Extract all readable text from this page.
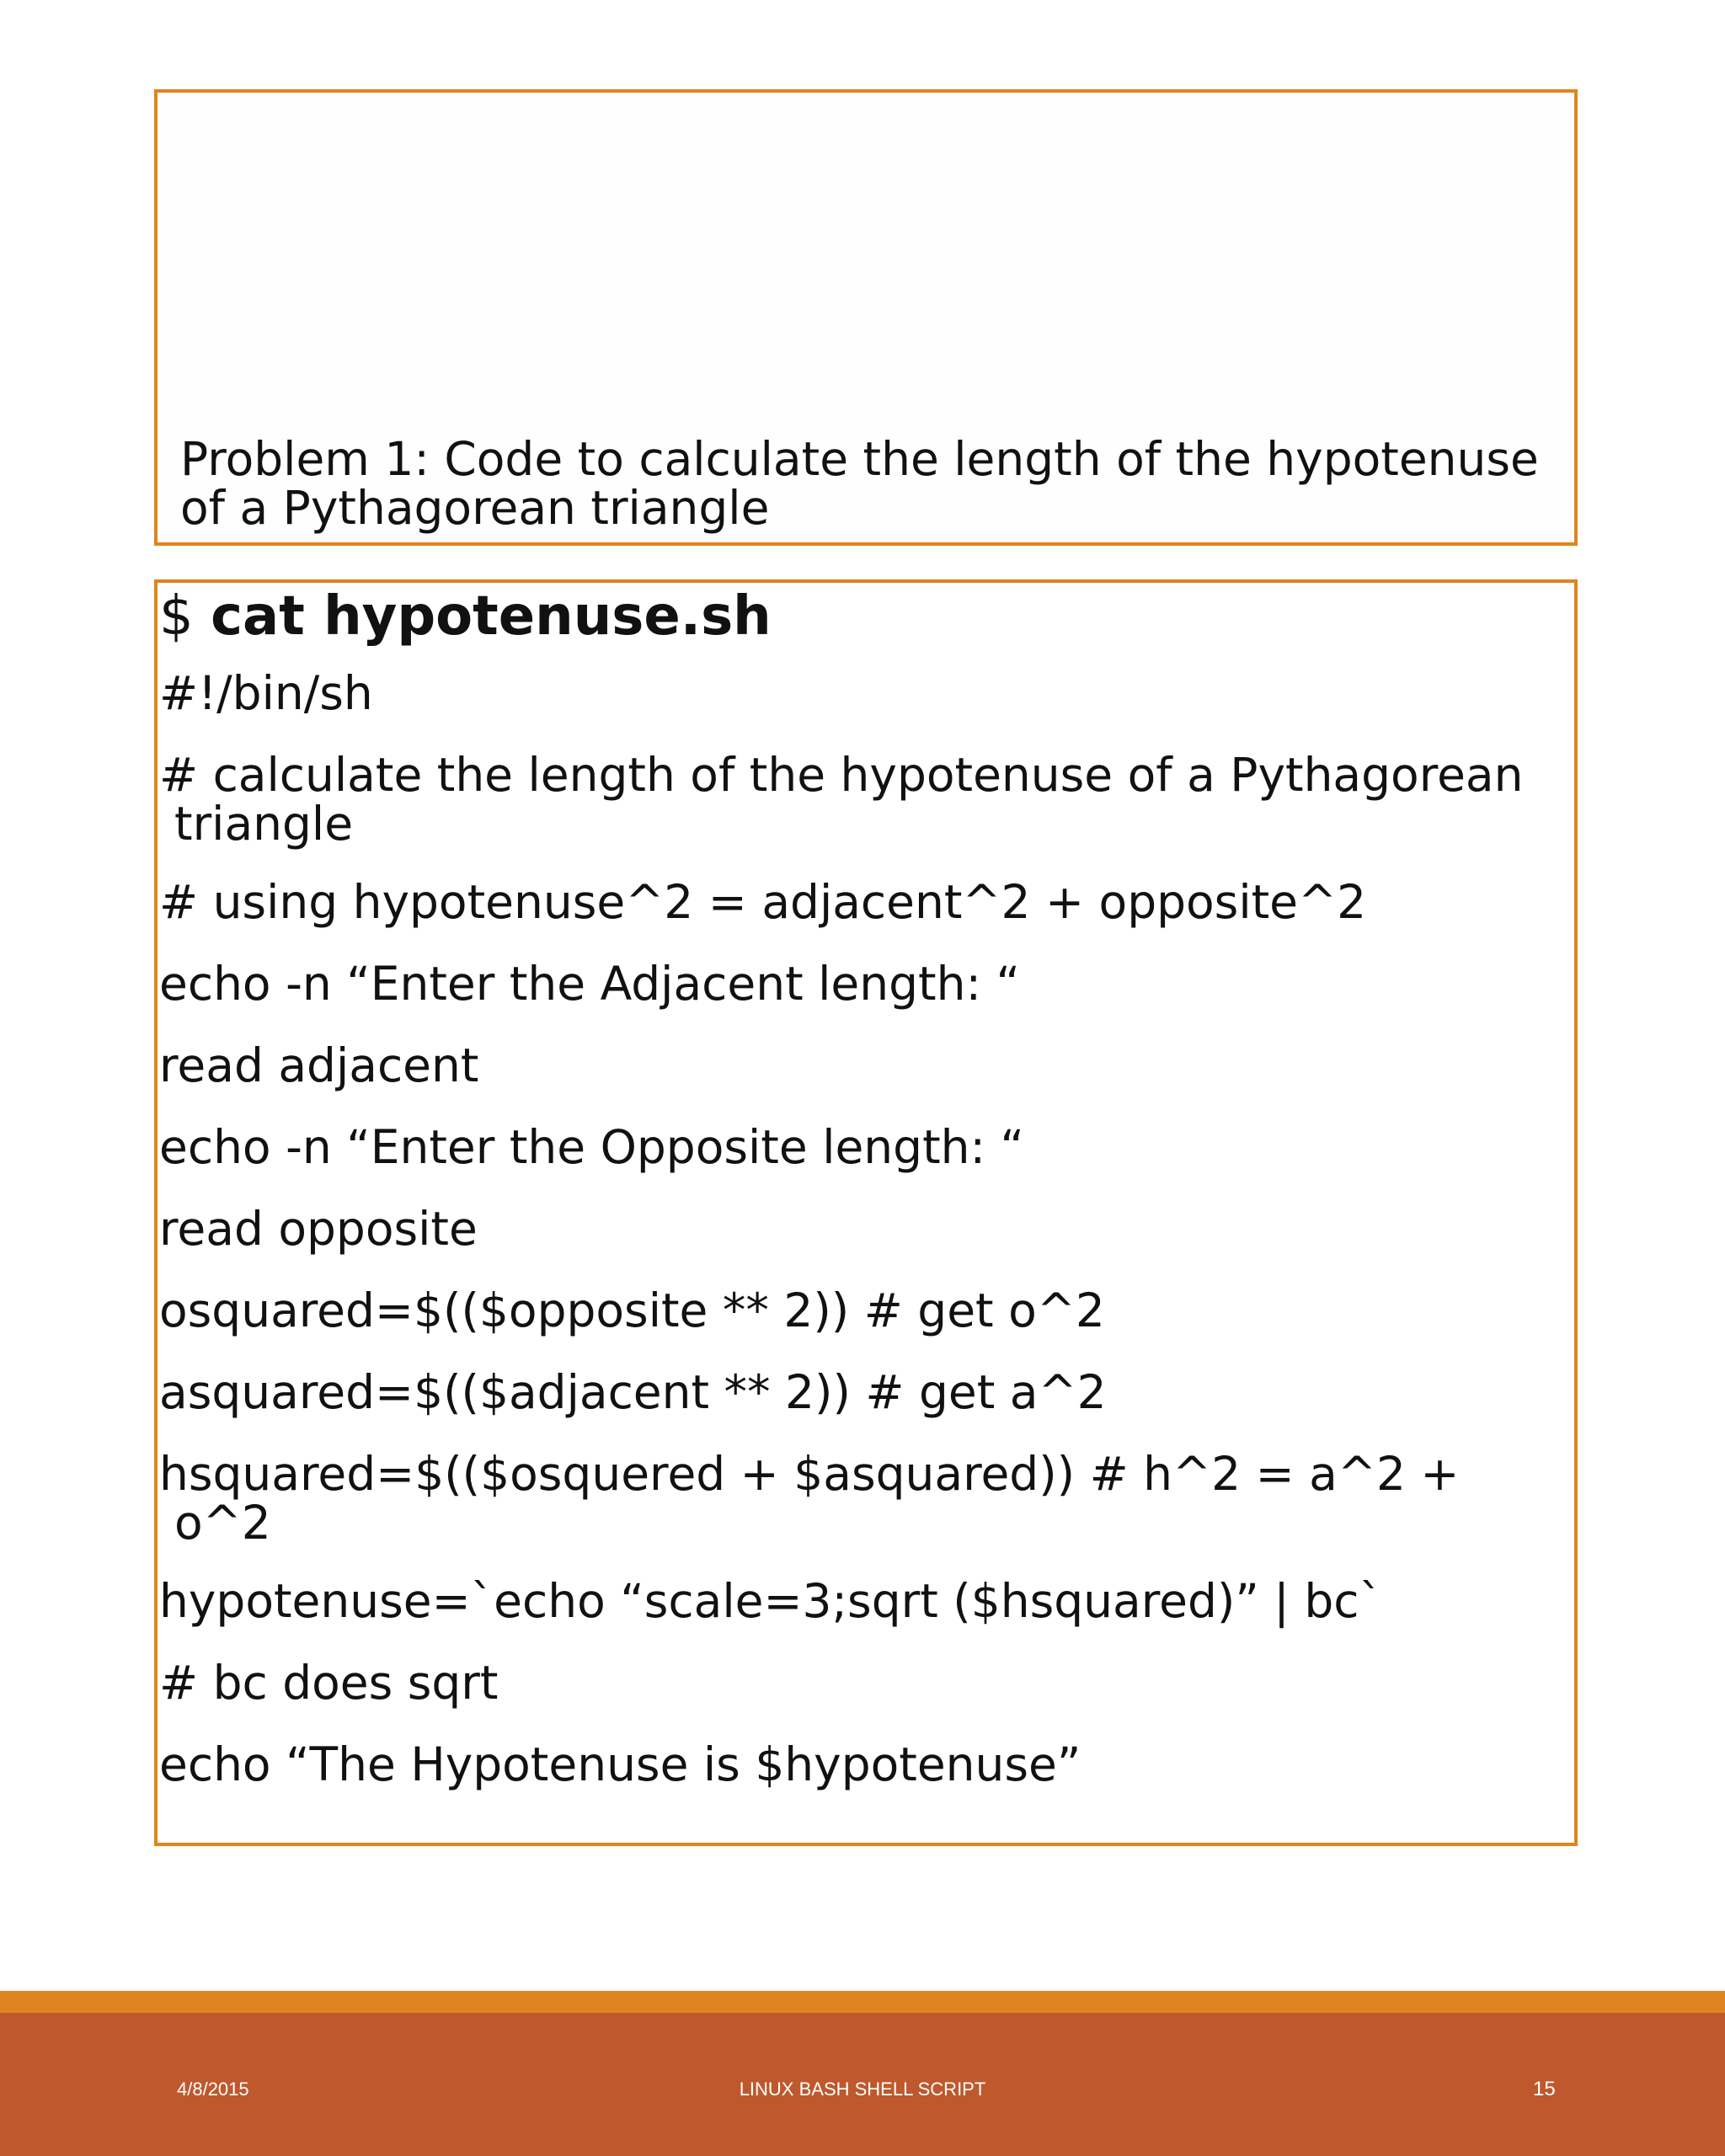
Problem 1: Code to calculate the length of the hypotenuse of a Pythagorean triangle

$ cat hypotenuse.sh

#!/bin/sh

# calculate the length of the hypotenuse of a Pythagorean
triangle

# using hypotenuse^2 = adjacent^2 + opposite^2

echo -n “Enter the Adjacent length: “

read adjacent

echo -n “Enter the Opposite length: “

read opposite

osquared=$(($opposite ** 2)) # get o^2

asquared=$(($adjacent ** 2)) # get a^2

hsquared=$(($osquered + $asquared)) # h^2 = a^2 +
o^2

hypotenuse=`echo “scale=3;sqrt ($hsquared)” | bc`

# bc does sqrt

echo “The Hypotenuse is $hypotenuse”

4/8/2015	LINUX BASH SHELL SCRIPT	15
